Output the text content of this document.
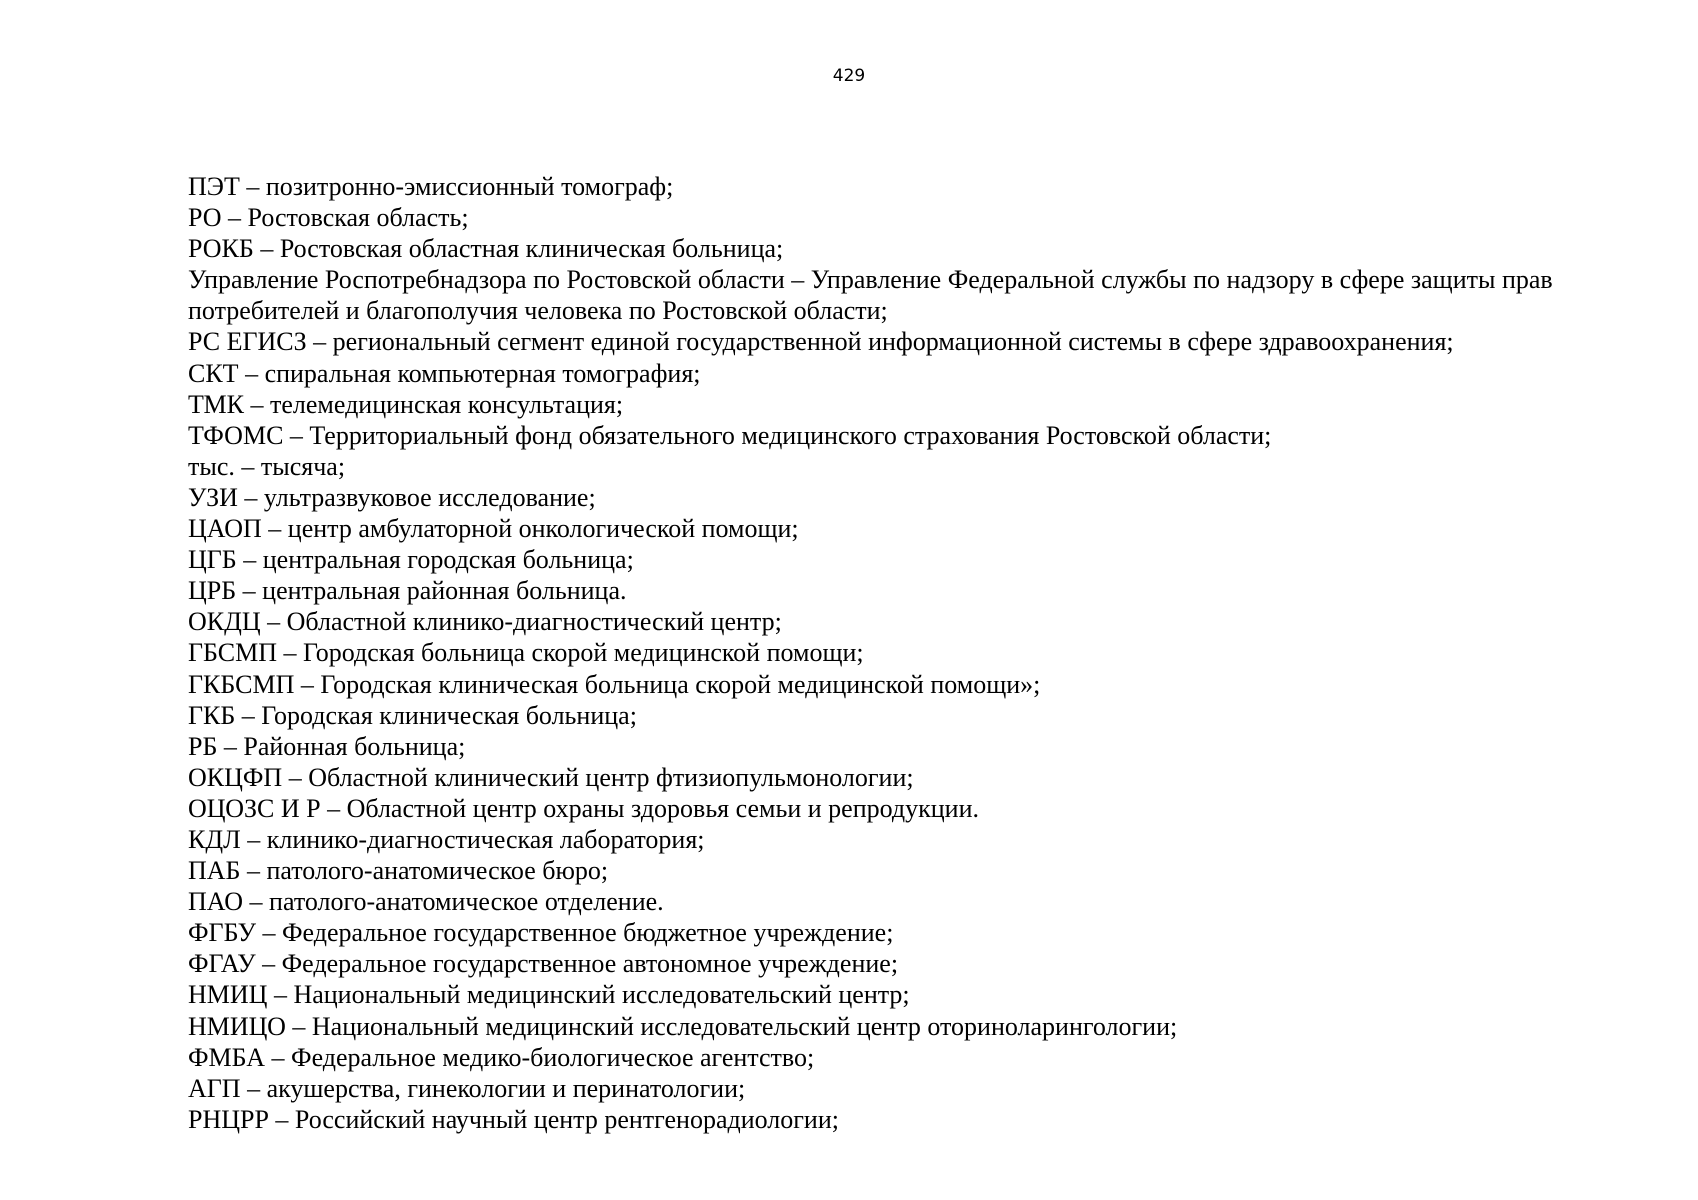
429
ПЭТ – позитронно-эмиссионный томограф;
РО – Ростовская область;
РОКБ – Ростовская областная клиническая больница;
Управление Роспотребнадзора по Ростовской области – Управление Федеральной службы по надзору в сфере защиты прав потребителей и благополучия человека по Ростовской области;
РС ЕГИСЗ – региональный сегмент единой государственной информационной системы в сфере здравоохранения;
СКТ – спиральная компьютерная томография;
ТМК – телемедицинская консультация;
ТФОМС – Территориальный фонд обязательного медицинского страхования Ростовской области;
тыс. – тысяча;
УЗИ – ультразвуковое исследование;
ЦАОП – центр амбулаторной онкологической помощи;
ЦГБ – центральная городская больница;
ЦРБ – центральная районная больница.
ОКДЦ – Областной клинико-диагностический центр;
ГБСМП – Городская больница скорой медицинской помощи;
ГКБСМП – Городская клиническая больница скорой медицинской помощи»;
ГКБ – Городская клиническая больница;
РБ – Районная больница;
ОКЦФП – Областной клинический центр фтизиопульмонологии;
ОЦОЗС И Р – Областной центр охраны здоровья семьи и репродукции.
КДЛ – клинико-диагностическая лаборатория;
ПАБ – патолого-анатомическое бюро;
ПАО – патолого-анатомическое отделение.
ФГБУ – Федеральное государственное бюджетное учреждение;
ФГАУ – Федеральное государственное автономное учреждение;
НМИЦ – Национальный медицинский исследовательский центр;
НМИЦО – Национальный медицинский исследовательский центр оториноларингологии;
ФМБА – Федеральное медико-биологическое агентство;
АГП – акушерства, гинекологии и перинатологии;
РНЦРР – Российский научный центр рентгенорадиологии;
